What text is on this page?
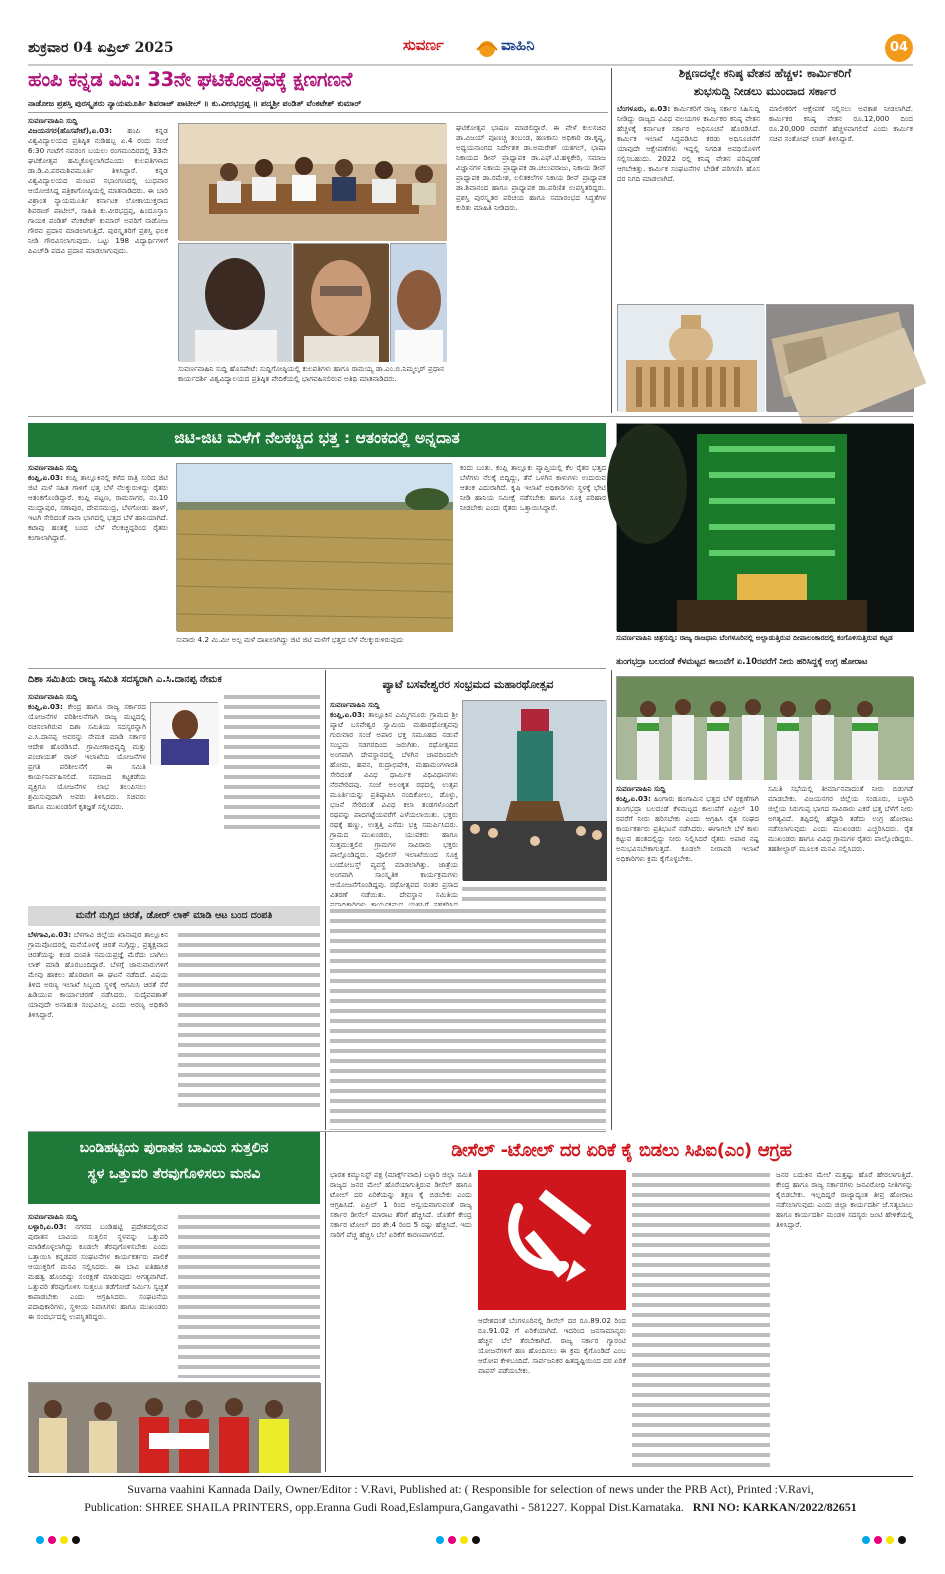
ಶುಕ್ರವಾರ 04 ಏಪ್ರಿಲ್ 2025	ಸುವರ್ಣ	ವಾಹಿನಿ	04
ಹಂಪಿ ಕನ್ನಡ ವಿವಿ: 33ನೇ ಘಟಿಕೋತ್ಸವಕ್ಕೆ ಕ್ಷಣಗಣನೆ
ನಾಡೋಜ ಪ್ರಶಸ್ತಿ ಪುರಸ್ಕೃತರು ನ್ಯಾಯಮೂರ್ತಿ ಶಿವರಾಜ್ ಪಾಟೀಲ್ ॥ ಕು.ವೀರಭದ್ರಪ್ಪ ॥ ಪದ್ಮಶ್ರೀ ಪಂಡಿತ್ ವೆಂಕಟೇಶ್ ಕುಮಾರ್
ಸುವರ್ಣವಾಹಿನಿ ಸುದ್ದಿ
ವಿಜಯನಗರ(ಹೊಸಪೇಟೆ),ಏ.03: ಹಂಪಿ ಕನ್ನಡ ವಿಶ್ವವಿದ್ಯಾಲಯದ ಪ್ರತಿಷ್ಠಿತ ನುಡಿಹಬ್ಬ ಏ.4 ರಂದು ಸಂಜೆ 6:30 ಗಂಟೆಗೆ ನವರಂಗ ಬಯಲು ರಂಗಮಂದಿರದಲ್ಲಿ 33ನೇ ಘಟಿಕೋತ್ಸವ ಹಮ್ಮಿಕೊಳ್ಳಲಾಗಿದೆಎಂದು ಕುಲಪತಿಗಳಾದ ಡಾ.ಡಿ.ವಿ.ಪರಮಶಿವಮೂರ್ತಿ ತಿಳಿಸಿದ್ದಾರೆ. ಕನ್ನಡ ವಿಶ್ವವಿದ್ಯಾಲಯದ ಮಂಟಪ ಸಭಾಂಗಣದಲ್ಲಿ ಬುಧವಾರ ಆಯೋಜಿಸಿದ್ದ ಪತ್ರಿಕಾಗೋಷ್ಠಿಯಲ್ಲಿ ಮಾತನಾಡಿದರು. ಈ ಬಾರಿ ವಿಶ್ರಾಂತ ನ್ಯಾಯಮೂರ್ತಿ ಕರ್ನಾಟಕ ಲೋಕಾಯುಕ್ತರಾದ ಶಿವರಾಜ್ ಪಾಟೀಲ್, ಸಾಹಿತಿ ಕು.ವೀರಭದ್ರಪ್ಪ, ಹಿಂದೂಸ್ತಾನಿ ಗಾಯಕ ಪಂಡಿತ್ ವೆಂಕಟೇಶ್ ಕುಮಾರ್ ಅವರಿಗೆ ನಾಡೋಜ ಗೌರವ ಪ್ರದಾನ ಮಾಡಲಾಗುತ್ತಿದೆ. ಪುರಸ್ಕೃತರಿಗೆ ಪ್ರಶಸ್ತಿ ಫಲಕ ನೀಡಿ ಗೌರವಿಸಲಾಗುವುದು. ಒಟ್ಟು 198 ವಿದ್ಯಾರ್ಥಿಗಳಿಗೆ ಪಿಎಚ್‌ಡಿ ಪದವಿ ಪ್ರದಾನ ಮಾಡಲಾಗುವುದು.
ಸುವರ್ಣವಾಹಿನಿ ಸುದ್ದಿ ಹೊಸಪೇಟೆ: ಸುದ್ದಿಗೋಷ್ಠಿಯಲ್ಲಿ ಕುಲಪತಿಗಳು ಹಾಗೂ ರಾಮಯ್ಯ ಡಾ.ಎಂ.ಬಿ.ನಿಮ್ಮಲ್ಕರ್ ಪ್ರಧಾನ ಕಾರ್ಯದರ್ಶಿ ವಿಶ್ವವಿದ್ಯಾಲಯದ ಪ್ರತಿಷ್ಠಿತ ವೇದಿಕೆಯಲ್ಲಿ ಭಾಗವಹಿಸಲಿರುವ ಅತಿಥಿ ಮಾತನಾಡಿದರು.
ಘಟಿಕೋತ್ಸವ ಭಾಷಣ ಮಾಡಲಿದ್ದಾರೆ. ಈ ವೇಳೆ ಕುಲಸಚಿವ ಡಾ.ವಿಜಯ್ ಪೂಣಚ್ಚ ತಂಬಂಡ, ಹಣಕಾಸು ಅಧಿಕಾರಿ ಡಾ.ಕೃಷ್ಣ, ಅಧ್ಯಯನಾಂಗದ ನಿರ್ದೇಶಕ ಡಾ.ಅಮರೇಶ್ ಯತಗಲ್, ಭಾಷಾ ನಿಕಾಯದ ಡೀನ್ ಪ್ರಾಧ್ಯಾಪಕ ಡಾ.ಎಫ್.ಟಿ.ಹಳ್ಳಿಕೇರಿ, ಸಮಾಜ ವಿಜ್ಞಾನಗಳ ನಿಕಾಯ ಪ್ರಾಧ್ಯಾಪಕ ಡಾ.ಚಲುವರಾಜು, ನಿಕಾಯ ಡೀನ್ ಪ್ರಾಧ್ಯಾಪಕ ಡಾ.ರಮೇಶ, ಲಲಿತಕಲೆಗಳ ನಿಕಾಯ ಡೀನ್ ಪ್ರಾಧ್ಯಾಪಕ ಡಾ.ಶಿವಾನಂದ ಹಾಗೂ ಪ್ರಾಧ್ಯಾಪಕ ಡಾ.ಪರಿಣಿತ ಉಪಸ್ಥಿತರಿದ್ದರು. ಪ್ರಶಸ್ತಿ ಪುರಸ್ಕೃತರ ಪರಿಚಯ ಹಾಗೂ ಸಮಾರಂಭದ ಸಿದ್ಧತೆಗಳ ಕುರಿತು ಮಾಹಿತಿ ನೀಡಿದರು.
ಶಿಕ್ಷಣದಲ್ಲೇ ಕನಿಷ್ಠ ವೇತನ ಹೆಚ್ಚಳ: ಕಾರ್ಮಿಕರಿಗೆ
ಶುಭಸುದ್ದಿ ನೀಡಲು ಮುಂದಾದ ಸರ್ಕಾರ
ಬೆಂಗಳೂರು, ಏ.03: ಕಾರ್ಮಿಕರಿಗೆ ರಾಜ್ಯ ಸರ್ಕಾರ ಸಿಹಿಸುದ್ದಿ ನೀಡಿದ್ದು ರಾಜ್ಯದ ವಿವಿಧ ವಲಯಗಳ ಕಾರ್ಮಿಕರ ಕನಿಷ್ಠ ವೇತನ ಹೆಚ್ಚಳಕ್ಕೆ ಕರ್ನಾಟಕ ಸರ್ಕಾರ ಅಧಿಸೂಚನೆ ಹೊರಡಿಸಿದೆ. ಕಾರ್ಮಿಕ ಇಲಾಖೆ ಸಿದ್ಧಪಡಿಸಿದ ಕರಡು ಅಧಿಸೂಚನೆಗೆ ಯಾವುದೇ ಆಕ್ಷೇಪಣೆಗಳು ಇದ್ದಲ್ಲಿ ನಿಗದಿತ ಅವಧಿಯೊಳಗೆ ಸಲ್ಲಿಸಬಹುದು. 2022 ರಲ್ಲಿ ಕನಿಷ್ಠ ವೇತನ ಪರಿಷ್ಕರಣೆ ಆಗಬೇಕಿತ್ತು. ಕಾರ್ಮಿಕ ಸಂಘಟನೆಗಳ ಬೇಡಿಕೆ ಪರಿಗಣಿಸಿ ಹೊಸ ದರ ನಿಗದಿ ಮಾಡಲಾಗಿದೆ.
ಮಾಲೀಕರಿಗೆ ಆಕ್ಷೇಪಣೆ ಸಲ್ಲಿಸಲು ಅವಕಾಶ ನೀಡಲಾಗಿದೆ. ಕಾರ್ಮಿಕರ ಕನಿಷ್ಠ ವೇತನ ರೂ.12,000 ದಿಂದ ರೂ.20,000 ರವರೆಗೆ ಹೆಚ್ಚಳವಾಗಲಿದೆ ಎಂದು ಕಾರ್ಮಿಕ ಸಚಿವ ಸಂತೋಷ್ ಲಾಡ್ ತಿಳಿಸಿದ್ದಾರೆ.
ಜಿಟಿ-ಜಿಟಿ ಮಳೆಗೆ ನೆಲಕಚ್ಚಿದ ಭತ್ತ : ಆತಂಕದಲ್ಲಿ ಅನ್ನದಾತ
ಸುವರ್ಣವಾಹಿನಿ ಸುದ್ದಿ
ಕಂಪ್ಲಿ,ಏ.03: ಕಂಪ್ಲಿ ತಾಲ್ಲೂಕಿನಲ್ಲಿ ಕಳೆದ ರಾತ್ರಿ ಸುರಿದ ಜಿಟಿ ಜಿಟಿ ಮಳೆ ಸಹಿತ ಗಾಳಿಗೆ ಭತ್ತ ಬೆಳೆ ನೆಲಕ್ಕುರುಳಿದ್ದು ರೈತರು ಆತಂಕಗೊಂಡಿದ್ದಾರೆ. ಕಂಪ್ಲಿ ಪಟ್ಟಣ, ರಾಮಸಾಗರ, ನಂ.10 ಮುದ್ದಾಪುರ, ಸಣಾಪುರ, ದೇವಸಮುದ್ರ, ಬೆಳಗೋಡು ಹಾಳ್, ಇಟಗಿ ಸೇರಿದಂತೆ ನಾನಾ ಭಾಗದಲ್ಲಿ ಭತ್ತದ ಬೆಳೆ ಹಾನಿಯಾಗಿದೆ. ಕಟಾವು ಹಂತಕ್ಕೆ ಬಂದ ಬೆಳೆ ನೆಲಕಚ್ಚಿದ್ದರಿಂದ ರೈತರು ಕಂಗಾಲಾಗಿದ್ದಾರೆ.
ಸುವಾರು 4.2 ಮಿ.ಮೀ ಅಲ್ಪ ಮಳೆ ದಾಖಲಾಗಿದ್ದು ಜಿಟಿ ಜಿಟಿ ಮಳೆಗೆ ಭತ್ತದ ಬೆಳೆ ನೆಲಕ್ಕುರುಳಿರುವುದು
ಕಂದು ಬಂತು. ಕಂಪ್ಲಿ ತಾಲ್ಲೂಕು ವ್ಯಾಪ್ತಿಯಲ್ಲಿ ಕೆಲ ರೈತರ ಭತ್ತದ ಬೆಳೆಗಳು ನೆಲಕ್ಕೆ ಬಿದ್ದಿದ್ದು, ತೆನೆ ಒಳಗಿನ ಕಾಳುಗಳು ಉದುರುವ ಆತಂಕ ಎದುರಾಗಿದೆ. ಕೃಷಿ ಇಲಾಖೆ ಅಧಿಕಾರಿಗಳು ಸ್ಥಳಕ್ಕೆ ಭೇಟಿ ನೀಡಿ ಹಾನಿಯ ಸಮೀಕ್ಷೆ ನಡೆಸಬೇಕು ಹಾಗೂ ಸೂಕ್ತ ಪರಿಹಾರ ನೀಡಬೇಕು ಎಂದು ರೈತರು ಒತ್ತಾಯಿಸಿದ್ದಾರೆ.
ಸುವರ್ಣವಾಹಿನಿ ಚಿತ್ರಸುದ್ದಿ: ರಾಜ್ಯ ರಾಜಧಾನಿ ಬೆಂಗಳೂರಿನಲ್ಲಿ ಅಲ್ಲಾಡುತ್ತಿರುವ ದೀಪಾಲಂಕಾರದಲ್ಲಿ ಕಂಗೊಳಿಸುತ್ತಿರುವ ಕಟ್ಟಡ
ದಿಶಾ ಸಮಿತಿಯ ರಾಜ್ಯ ಸಮಿತಿ ಸದಸ್ಯರಾಗಿ ಎ.ಸಿ.ದಾನಪ್ಪ ನೇಮಕ
ಸುವರ್ಣವಾಹಿನಿ ಸುದ್ದಿ
ಕಂಪ್ಲಿ,ಏ.03: ಕೇಂದ್ರ ಹಾಗೂ ರಾಜ್ಯ ಸರ್ಕಾರದ ಯೋಜನೆಗಳ ಪರಿಶೀಲನೆಗಾಗಿ ರಾಜ್ಯ ಮಟ್ಟದಲ್ಲಿ ರಚಿಸಲಾಗಿರುವ ದಿಶಾ ಸಮಿತಿಯ ಸದಸ್ಯರನ್ನಾಗಿ ಎ.ಸಿ.ದಾನಪ್ಪ ಅವರನ್ನು ನೇಮಕ ಮಾಡಿ ಸರ್ಕಾರ ಆದೇಶ ಹೊರಡಿಸಿದೆ. ಗ್ರಾಮೀಣಾಭಿವೃದ್ಧಿ ಮತ್ತು ಪಂಚಾಯತ್ ರಾಜ್ ಇಲಾಖೆಯ ಯೋಜನೆಗಳ ಪ್ರಗತಿ ಪರಿಶೀಲನೆಗೆ ಈ ಸಮಿತಿ ಕಾರ್ಯನಿರ್ವಹಿಸಲಿದೆ. ಸಮಾಜದ ಕಟ್ಟಕಡೆಯ ವ್ಯಕ್ತಿಗೂ ಯೋಜನೆಗಳ ಲಾಭ ತಲುಪಿಸಲು ಶ್ರಮಿಸುವುದಾಗಿ ಅವರು ತಿಳಿಸಿದರು. ಸಚಿವರು ಹಾಗೂ ಮುಖಂಡರಿಗೆ ಕೃತಜ್ಞತೆ ಸಲ್ಲಿಸಿದರು.
ಮನೆಗೆ ನುಗ್ಗಿದ ಚಿರತೆ, ಡೋರ್ ಲಾಕ್ ಮಾಡಿ ಆಟ ಬಂದ ದಂಪತಿ
ಬೆಳಗಾವಿ,ಏ.03: ಬೆಳಗಾವಿ ಜಿಲ್ಲೆಯ ಖಾನಾಪುರ ತಾಲ್ಲೂಕಿನ ಗ್ರಾಮವೊಂದರಲ್ಲಿ ಮನೆಯೊಳಕ್ಕೆ ಚಿರತೆ ನುಗ್ಗಿದ್ದು, ಪ್ರತ್ಯಕ್ಷವಾದ ಚಿರತೆಯನ್ನು ಕಂಡ ದಂಪತಿ ಸಮಯಪ್ರಜ್ಞೆ ಮೆರೆದು ಬಾಗಿಲು ಲಾಕ್ ಮಾಡಿ ಹೊರಬಂದಿದ್ದಾರೆ. ಬೆಳಗ್ಗೆ ಜಾನುವಾರುಗಳಿಗೆ ಮೇವು ಹಾಕಲು ಹೊರಟಾಗ ಈ ಘಟನೆ ನಡೆದಿದೆ. ವಿಷಯ ತಿಳಿದ ಅರಣ್ಯ ಇಲಾಖೆ ಸಿಬ್ಬಂದಿ ಸ್ಥಳಕ್ಕೆ ಆಗಮಿಸಿ ಚಿರತೆ ಸೆರೆ ಹಿಡಿಯುವ ಕಾರ್ಯಾಚರಣೆ ನಡೆಸಿದರು. ಸುದೈವವಶಾತ್ ಯಾವುದೇ ಅನಾಹುತ ಸಂಭವಿಸಿಲ್ಲ ಎಂದು ಅರಣ್ಯ ಅಧಿಕಾರಿ ತಿಳಿಸಿದ್ದಾರೆ.
ಪ್ಯಾಟೆ ಬಸವೇಶ್ವರರ ಸಂಭ್ರಮದ ಮಹಾರಥೋತ್ಸವ
ಸುವರ್ಣವಾಹಿನಿ ಸುದ್ದಿ
ಕಂಪ್ಲಿ,ಏ.03: ತಾಲ್ಲೂಕಿನ ಎಮ್ಮಿಗನೂರು ಗ್ರಾಮದ ಶ್ರೀ ಪ್ಯಾಟೆ ಬಸವೇಶ್ವರ ಸ್ವಾಮಿಯ ಮಹಾರಥೋತ್ಸವವು ಗುರುವಾರ ಸಂಜೆ ಅಪಾರ ಭಕ್ತ ಸಮೂಹದ ನಡುವೆ ಸಂಭ್ರಮ ಸಡಗರದಿಂದ ಜರುಗಿತು. ರಥೋತ್ಸವದ ಅಂಗವಾಗಿ ದೇವಸ್ಥಾನದಲ್ಲಿ ಬೆಳಗಿನ ಜಾವದಿಂದಲೇ ಹೋಮ, ಹವನ, ರುದ್ರಾಭಿಷೇಕ, ಮಹಾಮಂಗಳಾರತಿ ಸೇರಿದಂತೆ ವಿವಿಧ ಧಾರ್ಮಿಕ ವಿಧಿವಿಧಾನಗಳು ನೆರವೇರಿದವು. ಸಂಜೆ ಅಲಂಕೃತ ರಥದಲ್ಲಿ ಉತ್ಸವ ಮೂರ್ತಿಯನ್ನು ಪ್ರತಿಷ್ಠಾಪಿಸಿ ನಂದಿಕೋಲು, ಡೊಳ್ಳು, ಭಜನೆ ಸೇರಿದಂತೆ ವಿವಿಧ ಕಲಾ ತಂಡಗಳೊಂದಿಗೆ ರಥವನ್ನು ಪಾದಗಟ್ಟೆಯವರೆಗೆ ಎಳೆಯಲಾಯಿತು. ಭಕ್ತರು ರಥಕ್ಕೆ ಹಣ್ಣು, ಉತ್ತತ್ತಿ ಎಸೆದು ಭಕ್ತಿ ಸಮರ್ಪಿಸಿದರು. ಗ್ರಾಮದ ಮುಖಂಡರು, ಯುವಕರು ಹಾಗೂ ಸುತ್ತಮುತ್ತಲಿನ ಗ್ರಾಮಗಳ ಸಾವಿರಾರು ಭಕ್ತರು ಪಾಲ್ಗೊಂಡಿದ್ದರು. ಪೊಲೀಸ್ ಇಲಾಖೆಯಿಂದ ಸೂಕ್ತ ಬಂದೋಬಸ್ತ್ ವ್ಯವಸ್ಥೆ ಮಾಡಲಾಗಿತ್ತು. ಜಾತ್ರೆಯ ಅಂಗವಾಗಿ ಸಾಂಸ್ಕೃತಿಕ ಕಾರ್ಯಕ್ರಮಗಳು ಆಯೋಜನೆಗೊಂಡಿದ್ದವು. ರಥೋತ್ಸವದ ನಂತರ ಪ್ರಸಾದ ವಿತರಣೆ ನಡೆಯಿತು. ದೇವಸ್ಥಾನ ಸಮಿತಿಯ ಪದಾಧಿಕಾರಿಗಳು ಕಾರ್ಯಕ್ರಮದ ಯಶಸ್ಸಿಗೆ ಸಹಕರಿಸಿದ ಎಲ್ಲರಿಗೂ ಕೃತಜ್ಞತೆ ಸಲ್ಲಿಸಿದರು.
ತುಂಗಭದ್ರಾ ಬಲದಂಡೆ ಕೆಳಮಟ್ಟದ ಕಾಲುವೆಗೆ ಏ.10ರವರೆಗೆ ನೀರು ಹರಿಸಿದ್ದಕ್ಕೆ ಉಗ್ರ ಹೋರಾಟ
ಸುವರ್ಣವಾಹಿನಿ ಸುದ್ದಿ
ಕಂಪ್ಲಿ,ಏ.03: ಹಿಂಗಾರು ಹಂಗಾಮಿನ ಭತ್ತದ ಬೆಳೆ ರಕ್ಷಣೆಗಾಗಿ ತುಂಗಭದ್ರಾ ಬಲದಂಡೆ ಕೆಳಮಟ್ಟದ ಕಾಲುವೆಗೆ ಏಪ್ರಿಲ್ 10 ರವರೆಗೆ ನೀರು ಹರಿಸಬೇಕು ಎಂದು ಆಗ್ರಹಿಸಿ ರೈತ ಸಂಘದ ಕಾರ್ಯಕರ್ತರು ಪ್ರತಿಭಟನೆ ನಡೆಸಿದರು. ಈಗಾಗಲೇ ಬೆಳೆ ಕಾಳು ಕಟ್ಟುವ ಹಂತದಲ್ಲಿದ್ದು ನೀರು ನಿಲ್ಲಿಸಿದರೆ ರೈತರು ಅಪಾರ ನಷ್ಟ ಅನುಭವಿಸಬೇಕಾಗುತ್ತದೆ. ಕೂಡಲೇ ನೀರಾವರಿ ಇಲಾಖೆ ಅಧಿಕಾರಿಗಳು ಕ್ರಮ ಕೈಗೊಳ್ಳಬೇಕು.
ಸಮಿತಿ ಸಭೆಯಲ್ಲಿ ತೀರ್ಮಾನವಾದಂತೆ ನೀರು ಬಿಡುಗಡೆ ಮಾಡಬೇಕು. ವಿಜಯನಗರ ಜಿಲ್ಲೆಯ ಸಂಡೂರು, ಬಳ್ಳಾರಿ ಜಿಲ್ಲೆಯ ಸಿರುಗುಪ್ಪ ಭಾಗದ ಸಾವಿರಾರು ಎಕರೆ ಭತ್ತ ಬೆಳೆಗೆ ನೀರು ಅಗತ್ಯವಿದೆ. ತಪ್ಪಿದಲ್ಲಿ ಹೆದ್ದಾರಿ ತಡೆದು ಉಗ್ರ ಹೋರಾಟ ನಡೆಸಲಾಗುವುದು ಎಂದು ಮುಖಂಡರು ಎಚ್ಚರಿಸಿದರು. ರೈತ ಮುಖಂಡರು ಹಾಗೂ ವಿವಿಧ ಗ್ರಾಮಗಳ ರೈತರು ಪಾಲ್ಗೊಂಡಿದ್ದರು. ತಹಶೀಲ್ದಾರ್ ಮೂಲಕ ಮನವಿ ಸಲ್ಲಿಸಿದರು.
ಬಂಡಿಹಟ್ಟಿಯ ಪುರಾತನ ಬಾವಿಯ ಸುತ್ತಲಿನ
ಸ್ಥಳ ಒತ್ತುವರಿ ತೆರವುಗೊಳಿಸಲು ಮನವಿ
ಸುವರ್ಣವಾಹಿನಿ ಸುದ್ದಿ
ಬಳ್ಳಾರಿ,ಏ.03: ನಗರದ ಬಂಡಿಹಟ್ಟಿ ಪ್ರದೇಶದಲ್ಲಿರುವ ಪುರಾತನ ಬಾವಿಯ ಸುತ್ತಲಿನ ಸ್ಥಳವನ್ನು ಒತ್ತುವರಿ ಮಾಡಿಕೊಳ್ಳಲಾಗಿದ್ದು ಕೂಡಲೇ ತೆರವುಗೊಳಿಸಬೇಕು ಎಂದು ಒತ್ತಾಯಿಸಿ ಕನ್ನಡಪರ ಸಂಘಟನೆಗಳ ಕಾರ್ಯಕರ್ತರು ಪಾಲಿಕೆ ಆಯುಕ್ತರಿಗೆ ಮನವಿ ಸಲ್ಲಿಸಿದರು. ಈ ಬಾವಿ ಐತಿಹಾಸಿಕ ಮಹತ್ವ ಹೊಂದಿದ್ದು ಸಂರಕ್ಷಣೆ ಮಾಡುವುದು ಅಗತ್ಯವಾಗಿದೆ. ಒತ್ತುವರಿ ತೆರವುಗೊಳಿಸಿ ಸುತ್ತಲೂ ತಡೆಗೋಡೆ ನಿರ್ಮಿಸಿ ಸ್ವಚ್ಛತೆ ಕಾಪಾಡಬೇಕು ಎಂದು ಆಗ್ರಹಿಸಿದರು. ಸಂಘಟನೆಯ ಪದಾಧಿಕಾರಿಗಳು, ಸ್ಥಳೀಯ ನಿವಾಸಿಗಳು ಹಾಗೂ ಮುಖಂಡರು ಈ ಸಂದರ್ಭದಲ್ಲಿ ಉಪಸ್ಥಿತರಿದ್ದರು.
ಡೀಸೆಲ್ -ಟೋಲ್ ದರ ಏರಿಕೆ ಕೈ ಬಿಡಲು ಸಿಪಿಐ(ಎಂ) ಆಗ್ರಹ
ಭಾರತ ಕಮ್ಯುನಿಸ್ಟ್ ಪಕ್ಷ (ಮಾರ್ಕ್ಸ್‌ವಾದಿ) ಬಳ್ಳಾರಿ ಜಿಲ್ಲಾ ಸಮಿತಿ ರಾಜ್ಯದ ಜನರ ಮೇಲೆ ಹೊರೆಯಾಗುತ್ತಿರುವ ಡೀಸೆಲ್ ಹಾಗೂ ಟೋಲ್ ದರ ಏರಿಕೆಯನ್ನು ತಕ್ಷಣ ಕೈ ಬಿಡಬೇಕು ಎಂದು ಆಗ್ರಹಿಸಿದೆ. ಏಪ್ರಿಲ್ 1 ರಿಂದ ಅನ್ವಯವಾಗುವಂತೆ ರಾಜ್ಯ ಸರ್ಕಾರ ಡೀಸೆಲ್ ಮಾರಾಟ ತೆರಿಗೆ ಹೆಚ್ಚಿಸಿದೆ. ಜೊತೆಗೆ ಕೇಂದ್ರ ಸರ್ಕಾರ ಟೋಲ್ ದರ ಶೇ.4 ರಿಂದ 5 ರಷ್ಟು ಹೆಚ್ಚಿಸಿದೆ. ಇದು ಸಾರಿಗೆ ವೆಚ್ಚ ಹೆಚ್ಚಿಸಿ ಬೆಲೆ ಏರಿಕೆಗೆ ಕಾರಣವಾಗಲಿದೆ.
ಆದೇಶದಂತೆ ಬೆಂಗಳೂರಿನಲ್ಲಿ ಡೀಸೆಲ್ ದರ ರೂ.89.02 ರಿಂದ ರೂ.91.02 ಗೆ ಏರಿಕೆಯಾಗಿದೆ. ಇದರಿಂದ ಜನಸಾಮಾನ್ಯರು ಹೆಚ್ಚಿನ ಬೆಲೆ ತೆರಬೇಕಾಗಿದೆ. ರಾಜ್ಯ ಸರ್ಕಾರ ಗ್ಯಾರಂಟಿ ಯೋಜನೆಗಳಿಗೆ ಹಣ ಹೊಂದಿಸಲು ಈ ಕ್ರಮ ಕೈಗೊಂಡಿದೆ ಎಂಬ ಆರೋಪ ಕೇಳಿಬಂದಿದೆ. ಸಾರ್ವಜನಿಕರ ಹಿತದೃಷ್ಟಿಯಿಂದ ದರ ಏರಿಕೆ ವಾಪಸ್ ಪಡೆಯಬೇಕು.
ಜನರ ಬದುಕಿನ ಮೇಲೆ ಮತ್ತಷ್ಟು ಹೊರೆ ಹೇರಲಾಗುತ್ತಿದೆ. ಕೇಂದ್ರ ಹಾಗೂ ರಾಜ್ಯ ಸರ್ಕಾರಗಳು ಜನವಿರೋಧಿ ನೀತಿಗಳನ್ನು ಕೈಬಿಡಬೇಕು. ಇಲ್ಲದಿದ್ದರೆ ರಾಜ್ಯಾದ್ಯಂತ ತೀವ್ರ ಹೋರಾಟ ನಡೆಸಲಾಗುವುದು ಎಂದು ಜಿಲ್ಲಾ ಕಾರ್ಯದರ್ಶಿ ಜೆ.ಸತ್ಯಬಾಬು ಹಾಗೂ ಕಾರ್ಯದರ್ಶಿ ಮಂಡಳಿ ಸದಸ್ಯರು ಜಂಟಿ ಹೇಳಿಕೆಯಲ್ಲಿ ತಿಳಿಸಿದ್ದಾರೆ.
Suvarna vaahini Kannada Daily, Owner/Editor : V.Ravi, Published at: ( Responsible for selection of news under the PRB Act), Printed :V.Ravi,
Publication: SHREE SHAILA PRINTERS, opp.Eranna Gudi Road,Eslampura,Gangavathi - 581227. Koppal Dist.Karnataka. RNI NO: KARKAN/2022/82651
